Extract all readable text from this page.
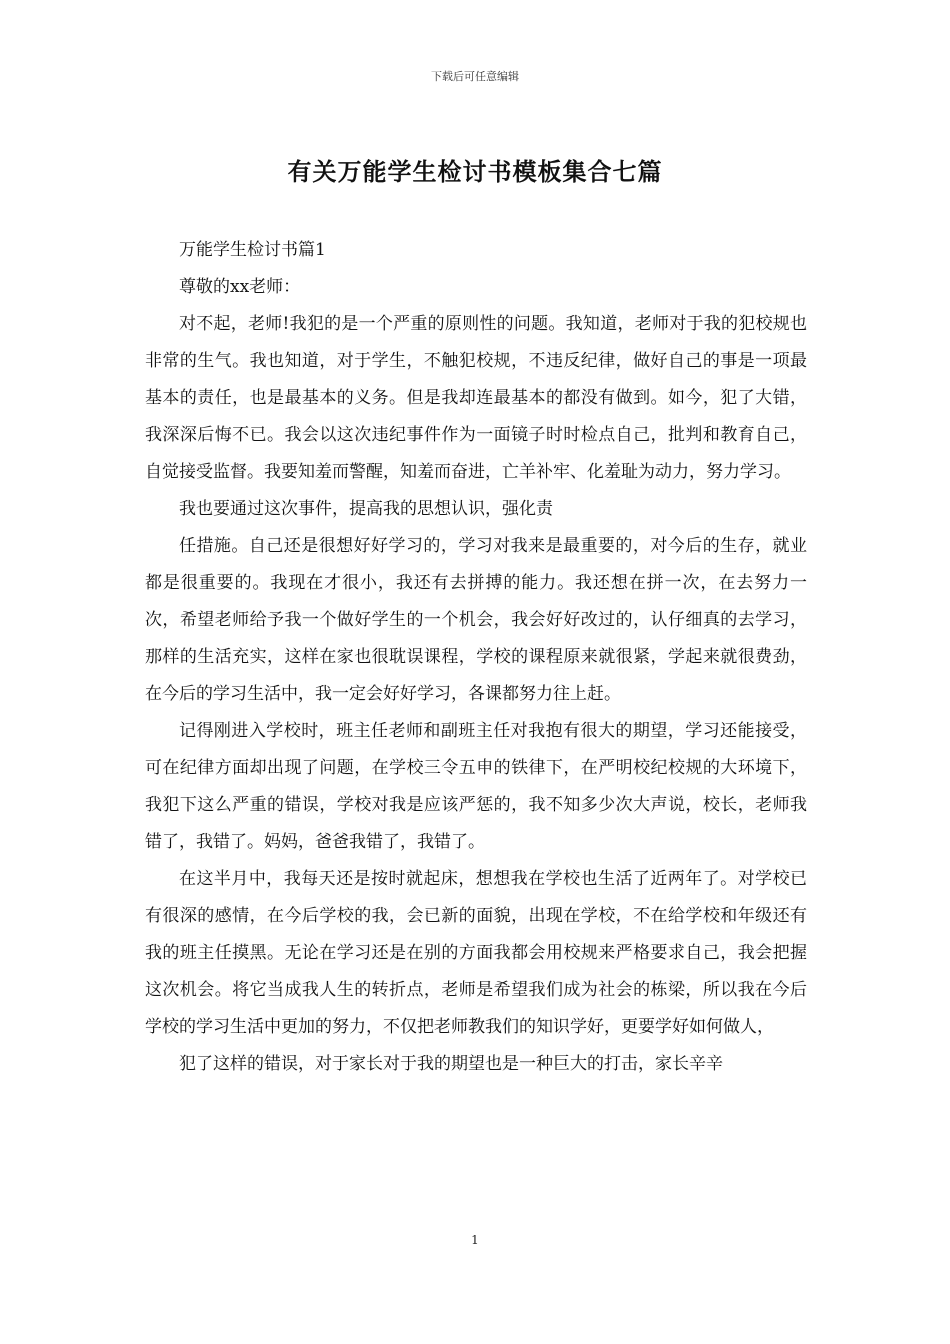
下载后可任意编辑
有关万能学生检讨书模板集合七篇

万能学生检讨书篇1

尊敬的xx老师：

对不起，老师!我犯的是一个严重的原则性的问题。我知道，老师对于我的犯校规也非常的生气。我也知道，对于学生，不触犯校规，不违反纪律，做好自己的事是一项最基本的责任，也是最基本的义务。但是我却连最基本的都没有做到。如今，犯了大错，我深深后悔不已。我会以这次违纪事件作为一面镜子时时检点自己，批判和教育自己，自觉接受监督。我要知羞而警醒，知羞而奋进，亡羊补牢、化羞耻为动力，努力学习。

我也要通过这次事件，提高我的思想认识，强化责

任措施。自己还是很想好好学习的，学习对我来是最重要的，对今后的生存，就业都是很重要的。我现在才很小，我还有去拼搏的能力。我还想在拼一次，在去努力一次，希望老师给予我一个做好学生的一个机会，我会好好改过的，认仔细真的去学习，那样的生活充实，这样在家也很耽误课程，学校的课程原来就很紧，学起来就很费劲，在今后的学习生活中，我一定会好好学习，各课都努力往上赶。

记得刚进入学校时，班主任老师和副班主任对我抱有很大的期望，学习还能接受，可在纪律方面却出现了问题，在学校三令五申的铁律下，在严明校纪校规的大环境下，我犯下这么严重的错误，学校对我是应该严惩的，我不知多少次大声说，校长，老师我错了，我错了。妈妈，爸爸我错了，我错了。

在这半月中，我每天还是按时就起床，想想我在学校也生活了近两年了。对学校已有很深的感情，在今后学校的我，会已新的面貌，出现在学校，不在给学校和年级还有我的班主任摸黑。无论在学习还是在别的方面我都会用校规来严格要求自己，我会把握这次机会。将它当成我人生的转折点，老师是希望我们成为社会的栋梁，所以我在今后学校的学习生活中更加的努力，不仅把老师教我们的知识学好，更要学好如何做人，

犯了这样的错误，对于家长对于我的期望也是一种巨大的打击，家长辛辛

1
